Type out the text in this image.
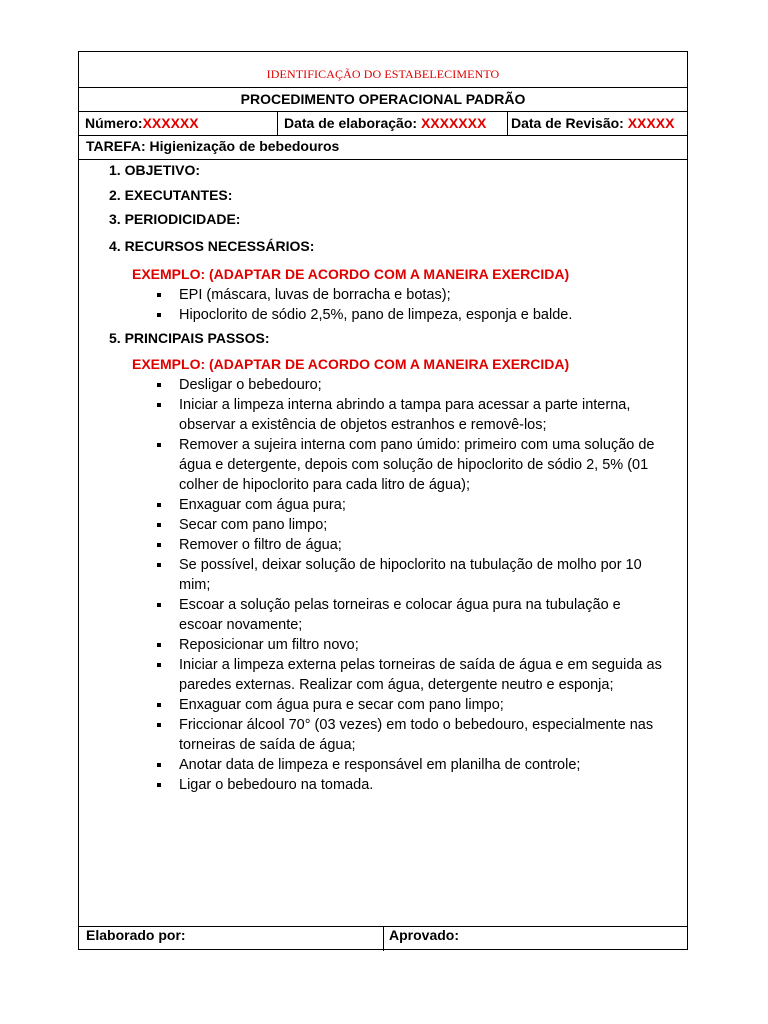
IDENTIFICAÇÃO DO ESTABELECIMENTO
PROCEDIMENTO OPERACIONAL PADRÃO
Número:XXXXXX	Data de elaboração: XXXXXXX	Data de Revisão: XXXXX
TAREFA: Higienização de bebedouros
1. OBJETIVO:
2. EXECUTANTES:
3. PERIODICIDADE:
4. RECURSOS NECESSÁRIOS:
EXEMPLO: (ADAPTAR DE ACORDO COM A MANEIRA EXERCIDA)
EPI (máscara, luvas de borracha e botas);
Hipoclorito de sódio 2,5%, pano de limpeza, esponja e balde.
5. PRINCIPAIS PASSOS:
EXEMPLO: (ADAPTAR DE ACORDO COM A MANEIRA EXERCIDA)
Desligar o bebedouro;
Iniciar a limpeza interna abrindo a tampa para acessar a parte interna, observar a existência de objetos estranhos e removê-los;
Remover a sujeira interna com pano úmido: primeiro com uma solução de água e detergente, depois com solução de hipoclorito de sódio 2, 5% (01 colher de hipoclorito para cada litro de água);
Enxaguar com água pura;
Secar com pano limpo;
Remover o filtro de água;
Se possível, deixar solução de hipoclorito na tubulação de molho por 10 mim;
Escoar a solução pelas torneiras e colocar água pura na tubulação e escoar novamente;
Reposicionar um filtro novo;
Iniciar a limpeza externa pelas torneiras de saída de água e em seguida as paredes externas. Realizar com água, detergente neutro e esponja;
Enxaguar com água pura e secar com pano limpo;
Friccionar álcool 70° (03 vezes) em todo o bebedouro, especialmente nas torneiras de saída de água;
Anotar data de limpeza e responsável em planilha de controle;
Ligar o bebedouro na tomada.
Elaborado por:	Aprovado:
